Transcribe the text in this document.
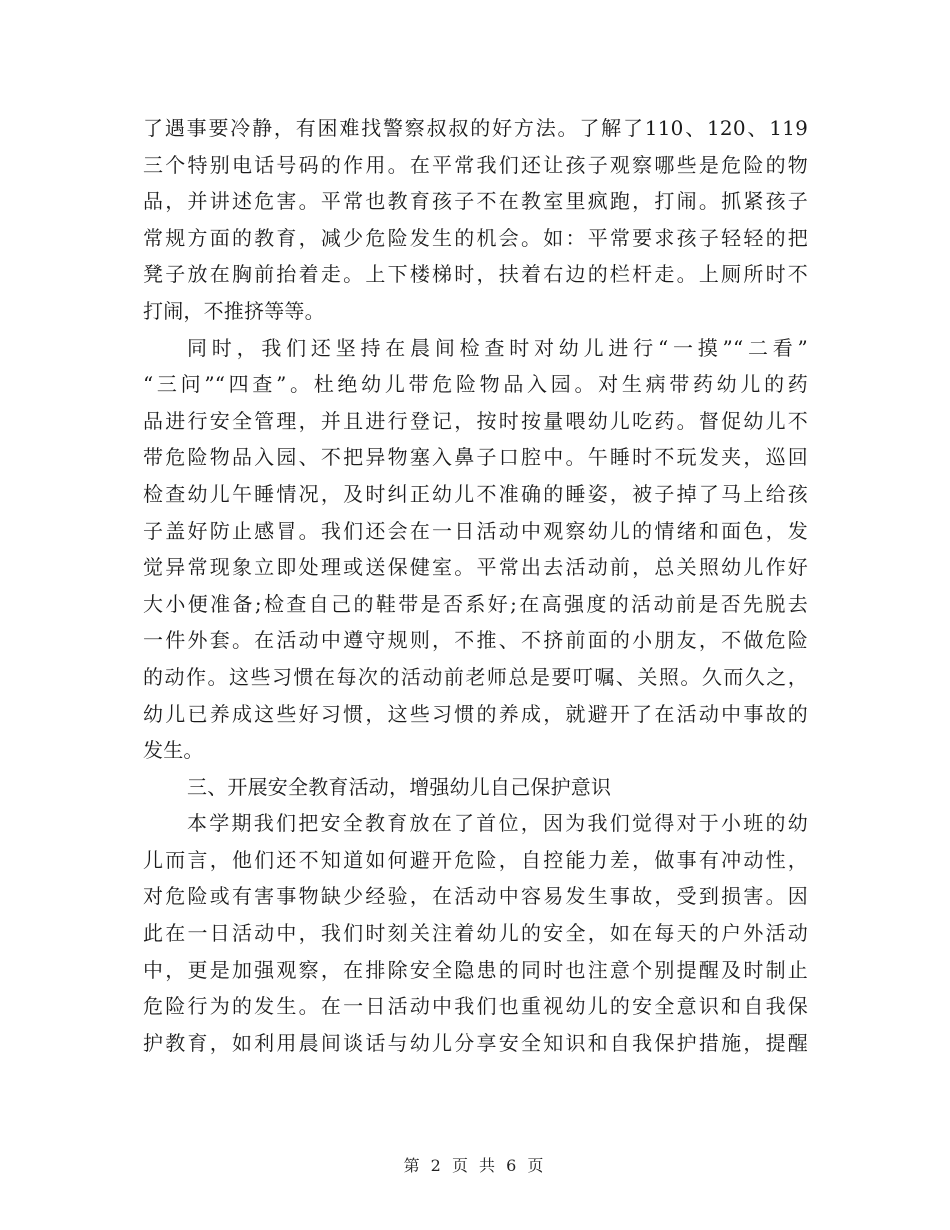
了遇事要冷静，有困难找警察叔叔的好方法。了解了110、120、119
三个特别电话号码的作用。在平常我们还让孩子观察哪些是危险的物
品，并讲述危害。平常也教育孩子不在教室里疯跑，打闹。抓紧孩子
常规方面的教育，减少危险发生的机会。如：平常要求孩子轻轻的把
凳子放在胸前抬着走。上下楼梯时，扶着右边的栏杆走。上厕所时不
打闹，不推挤等等。
同时，我们还坚持在晨间检查时对幼儿进行“一摸”“二看”
“三问”“四查”。杜绝幼儿带危险物品入园。对生病带药幼儿的药
品进行安全管理，并且进行登记，按时按量喂幼儿吃药。督促幼儿不
带危险物品入园、不把异物塞入鼻子口腔中。午睡时不玩发夹，巡回
检查幼儿午睡情况，及时纠正幼儿不准确的睡姿，被子掉了马上给孩
子盖好防止感冒。我们还会在一日活动中观察幼儿的情绪和面色，发
觉异常现象立即处理或送保健室。平常出去活动前，总关照幼儿作好
大小便准备;检查自己的鞋带是否系好;在高强度的活动前是否先脱去
一件外套。在活动中遵守规则，不推、不挤前面的小朋友，不做危险
的动作。这些习惯在每次的活动前老师总是要叮嘱、关照。久而久之，
幼儿已养成这些好习惯，这些习惯的养成，就避开了在活动中事故的
发生。
三、开展安全教育活动，增强幼儿自己保护意识
本学期我们把安全教育放在了首位，因为我们觉得对于小班的幼
儿而言，他们还不知道如何避开危险，自控能力差，做事有冲动性，
对危险或有害事物缺少经验，在活动中容易发生事故，受到损害。因
此在一日活动中，我们时刻关注着幼儿的安全，如在每天的户外活动
中，更是加强观察，在排除安全隐患的同时也注意个别提醒及时制止
危险行为的发生。在一日活动中我们也重视幼儿的安全意识和自我保
护教育，如利用晨间谈话与幼儿分享安全知识和自我保护措施，提醒
第 2 页 共 6 页
